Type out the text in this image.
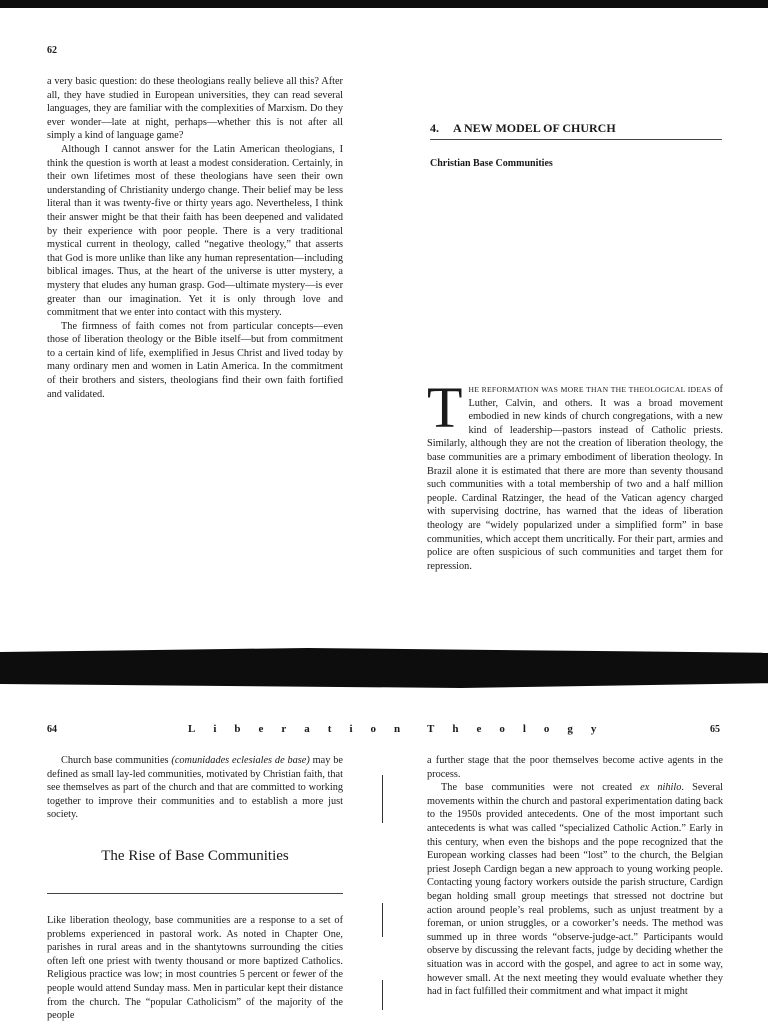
62

a very basic question: do these theologians really believe all this? After all, they have studied in European universities, they can read several languages, they are familiar with the complexities of Marxism. Do they ever wonder—late at night, perhaps—whether this is not after all simply a kind of language game?

Although I cannot answer for the Latin American theologians, I think the question is worth at least a modest consideration. Certainly, in their own lifetimes most of these theologians have seen their own understanding of Christianity undergo change. Their belief may be less literal than it was twenty-five or thirty years ago. Nevertheless, I think their answer might be that their faith has been deepened and validated by their experience with poor people. There is a very traditional mystical current in theology, called “negative theology,” that asserts that God is more unlike than like any human representation—including biblical images. Thus, at the heart of the universe is utter mystery, a mystery that eludes any human grasp. God—ultimate mystery—is ever greater than our imagination. Yet it is only through love and commitment that we enter into contact with this mystery.

The firmness of faith comes not from particular concepts—even those of liberation theology or the Bible itself—but from commitment to a certain kind of life, exemplified in Jesus Christ and lived today by many ordinary men and women in Latin America. In the commitment of their brothers and sisters, theologians find their own faith fortified and validated.

4. A NEW MODEL OF CHURCH
Christian Base Communities
THE REFORMATION WAS MORE THAN THE THEOLOGICAL IDEAS of Luther, Calvin, and others. It was a broad movement embodied in new kinds of church congregations, with a new kind of leadership—pastors instead of Catholic priests. Similarly, although they are not the creation of liberation theology, the base communities are a primary embodiment of liberation theology. In Brazil alone it is estimated that there are more than seventy thousand such communities with a total membership of two and a half million people. Cardinal Ratzinger, the head of the Vatican agency charged with supervising doctrine, has warned that the ideas of liberation theology are “widely popularized under a simplified form” in base communities, which accept them uncritically. For their part, armies and police are often suspicious of such communities and target them for repression.
64	Liberation

Church base communities (comunidades eclesiales de base) may be defined as small lay-led communities, motivated by Christian faith, that see themselves as part of the church and that are committed to working together to improve their communities and to establish a more just society.

The Rise of Base Communities

Like liberation theology, base communities are a response to a set of problems experienced in pastoral work. As noted in Chapter One, parishes in rural areas and in the shantytowns surrounding the cities often left one priest with twenty thousand or more baptized Catholics. Religious practice was low; in most countries 5 percent or fewer of the people would attend Sunday mass. Men in particular kept their distance from the church. The “popular Catholicism” of the majority of the people

Theology	65

a further stage that the poor themselves become active agents in the process.

The base communities were not created ex nihilo. Several movements within the church and pastoral experimentation dating back to the 1950s provided antecedents. One of the most important such antecedents is what was called “specialized Catholic Action.” Early in this century, when even the bishops and the pope recognized that the European working classes had been “lost” to the church, the Belgian priest Joseph Cardign began a new approach to young working people. Contacting young factory workers outside the parish structure, Cardign began holding small group meetings that stressed not doctrine but action around people’s real problems, such as unjust treatment by a foreman, or union struggles, or a coworker’s needs. The method was summed up in three words “observe-judge-act.” Participants would observe by discussing the relevant facts, judge by deciding whether the situation was in accord with the gospel, and agree to act in some way, however small. At the next meeting they would evaluate whether they had in fact fulfilled their commitment and what impact it might
